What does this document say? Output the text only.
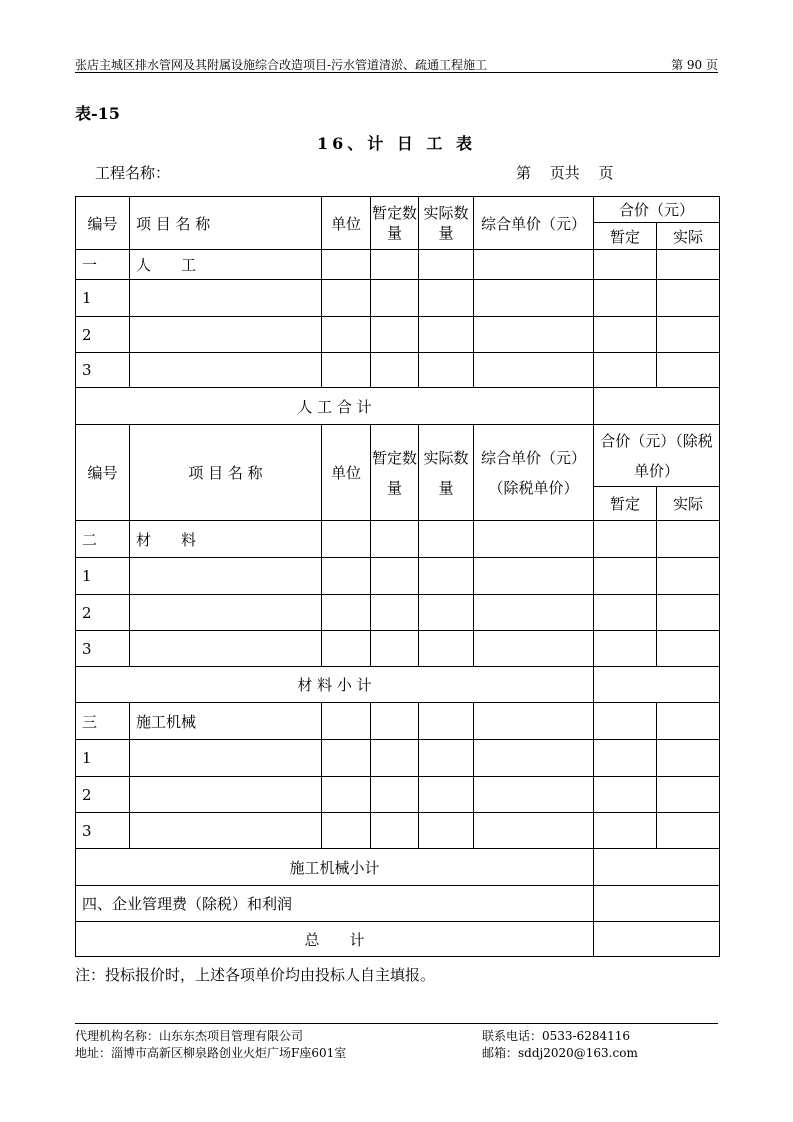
张店主城区排水管网及其附属设施综合改造项目-污水管道清淤、疏通工程施工	第 90 页
表-15
16、计 日 工 表
工程名称：	第 页共 页
编号	项 目 名 称	单位	暂定数量	实际数量	综合单价（元）	合价（元）	
						暂定	实际
一	人　　工						
1							
2							
3							
人 工 合 计							
编号	项 目 名 称	单位	暂定数量	实际数量	综合单价（元）（除税单价）	合价（元）（除税单价）	
						暂定	实际
二	材　　料						
1							
2							
3							
材 料 小 计							
三	施工机械						
1							
2							
3							
施工机械小计							
四、企业管理费（除税）和利润							
总　　计							
注：投标报价时，上述各项单价均由投标人自主填报。
代理机构名称：山东东杰项目管理有限公司
地址：淄博市高新区柳泉路创业火炬广场F座601室
联系电话：0533-6284116
邮箱：sddj2020@163.com
